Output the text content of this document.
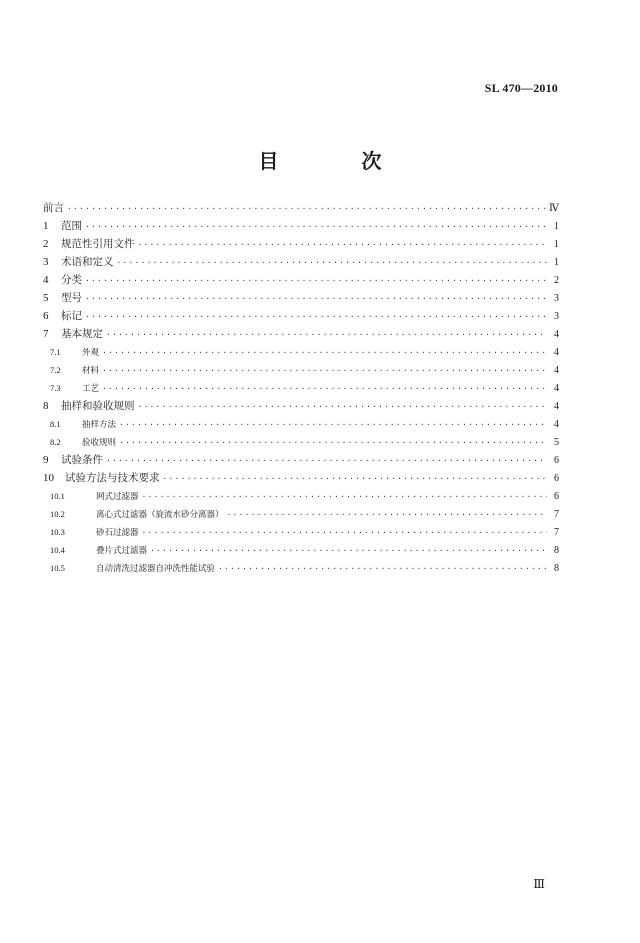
SL 470—2010
目 次
前言 ·····	Ⅳ
1	范围 ·····	1
2	规范性引用文件 ·····	1
3	术语和定义 ·····	1
4	分类 ·····	2
5	型号 ·····	3
6	标记 ·····	3
7	基本规定 ·····	4
7.1	外观 ·····	4
7.2	材料 ·····	4
7.3	工艺 ·····	4
8	抽样和验收规则 ·····	4
8.1	抽样方法 ·····	4
8.2	验收规则 ·····	5
9	试验条件 ·····	6
10	试验方法与技术要求 ·····	6
10.1	网式过滤器 ·····	6
10.2	离心式过滤器（旋流水砂分离器） ·····	7
10.3	砂石过滤器 ·····	7
10.4	叠片式过滤器 ·····	8
10.5	自动清洗过滤器自冲洗性能试验 ·····	8
Ⅲ
